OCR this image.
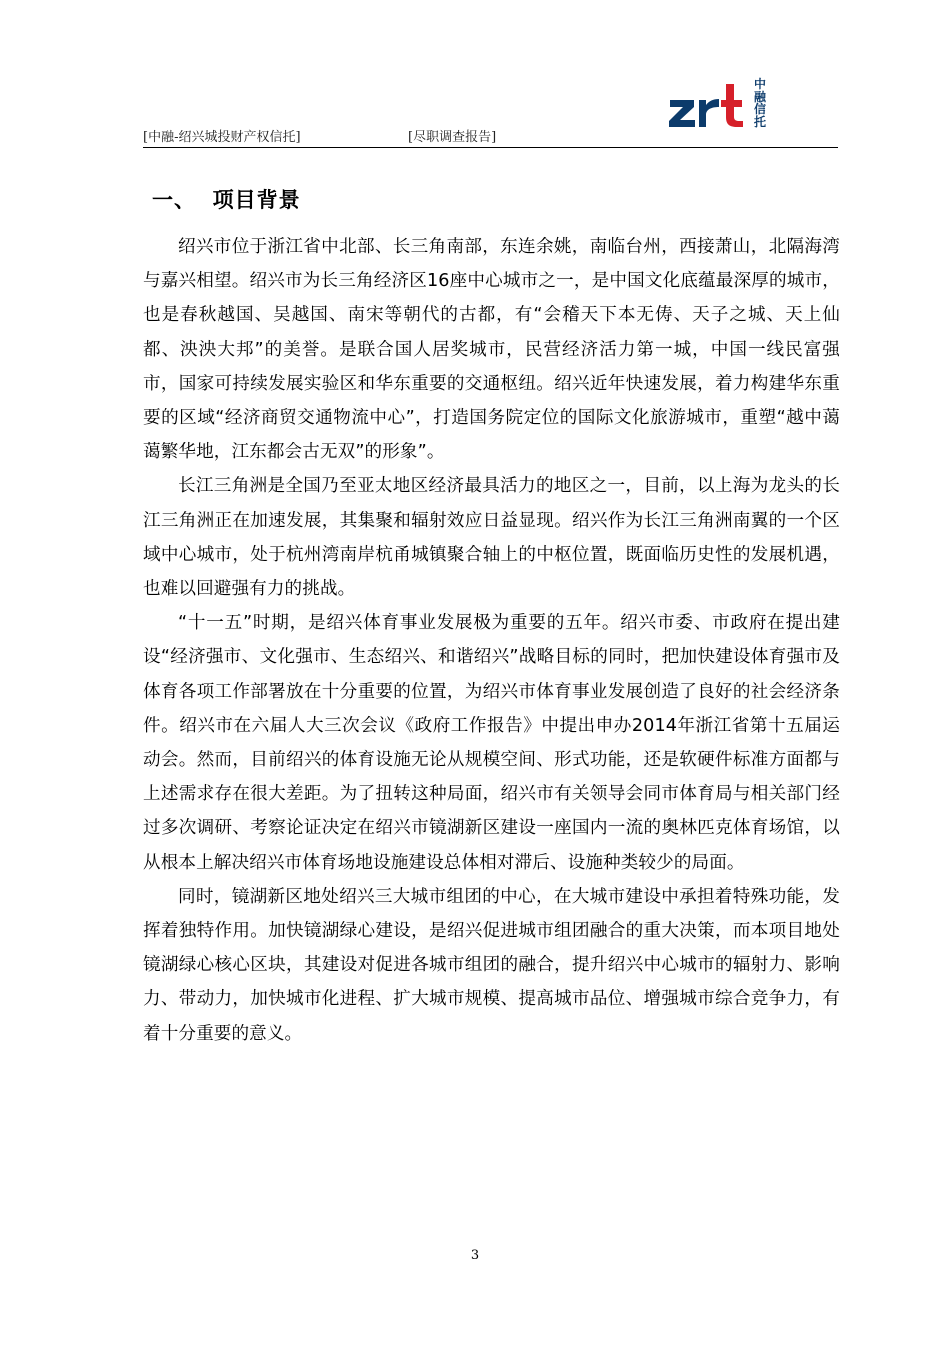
中
融
信
托
[中融-绍兴城投财产权信托]	[尽职调查报告]
一、  项目背景

绍兴市位于浙江省中北部、长三角南部，东连余姚，南临台州，西接萧山，北隔海湾与嘉兴相望。绍兴市为长三角经济区16座中心城市之一，是中国文化底蕴最深厚的城市，也是春秋越国、吴越国、南宋等朝代的古都，有“会稽天下本无俦、天子之城、天上仙都、泱泱大邦”的美誉。是联合国人居奖城市，民营经济活力第一城，中国一线民富强市，国家可持续发展实验区和华东重要的交通枢纽。绍兴近年快速发展，着力构建华东重要的区域“经济商贸交通物流中心”，打造国务院定位的国际文化旅游城市，重塑“越中蔼蔼繁华地，江东都会古无双”的形象”。

长江三角洲是全国乃至亚太地区经济最具活力的地区之一，目前，以上海为龙头的长江三角洲正在加速发展，其集聚和辐射效应日益显现。绍兴作为长江三角洲南翼的一个区域中心城市，处于杭州湾南岸杭甬城镇聚合轴上的中枢位置，既面临历史性的发展机遇，也难以回避强有力的挑战。

“十一五”时期，是绍兴体育事业发展极为重要的五年。绍兴市委、市政府在提出建设“经济强市、文化强市、生态绍兴、和谐绍兴”战略目标的同时，把加快建设体育强市及体育各项工作部署放在十分重要的位置，为绍兴市体育事业发展创造了良好的社会经济条件。绍兴市在六届人大三次会议《政府工作报告》中提出申办2014年浙江省第十五届运动会。然而，目前绍兴的体育设施无论从规模空间、形式功能，还是软硬件标准方面都与上述需求存在很大差距。为了扭转这种局面，绍兴市有关领导会同市体育局与相关部门经过多次调研、考察论证决定在绍兴市镜湖新区建设一座国内一流的奥林匹克体育场馆，以从根本上解决绍兴市体育场地设施建设总体相对滞后、设施种类较少的局面。

同时，镜湖新区地处绍兴三大城市组团的中心，在大城市建设中承担着特殊功能，发挥着独特作用。加快镜湖绿心建设，是绍兴促进城市组团融合的重大决策，而本项目地处镜湖绿心核心区块，其建设对促进各城市组团的融合，提升绍兴中心城市的辐射力、影响力、带动力，加快城市化进程、扩大城市规模、提高城市品位、增强城市综合竞争力，有着十分重要的意义。

3
